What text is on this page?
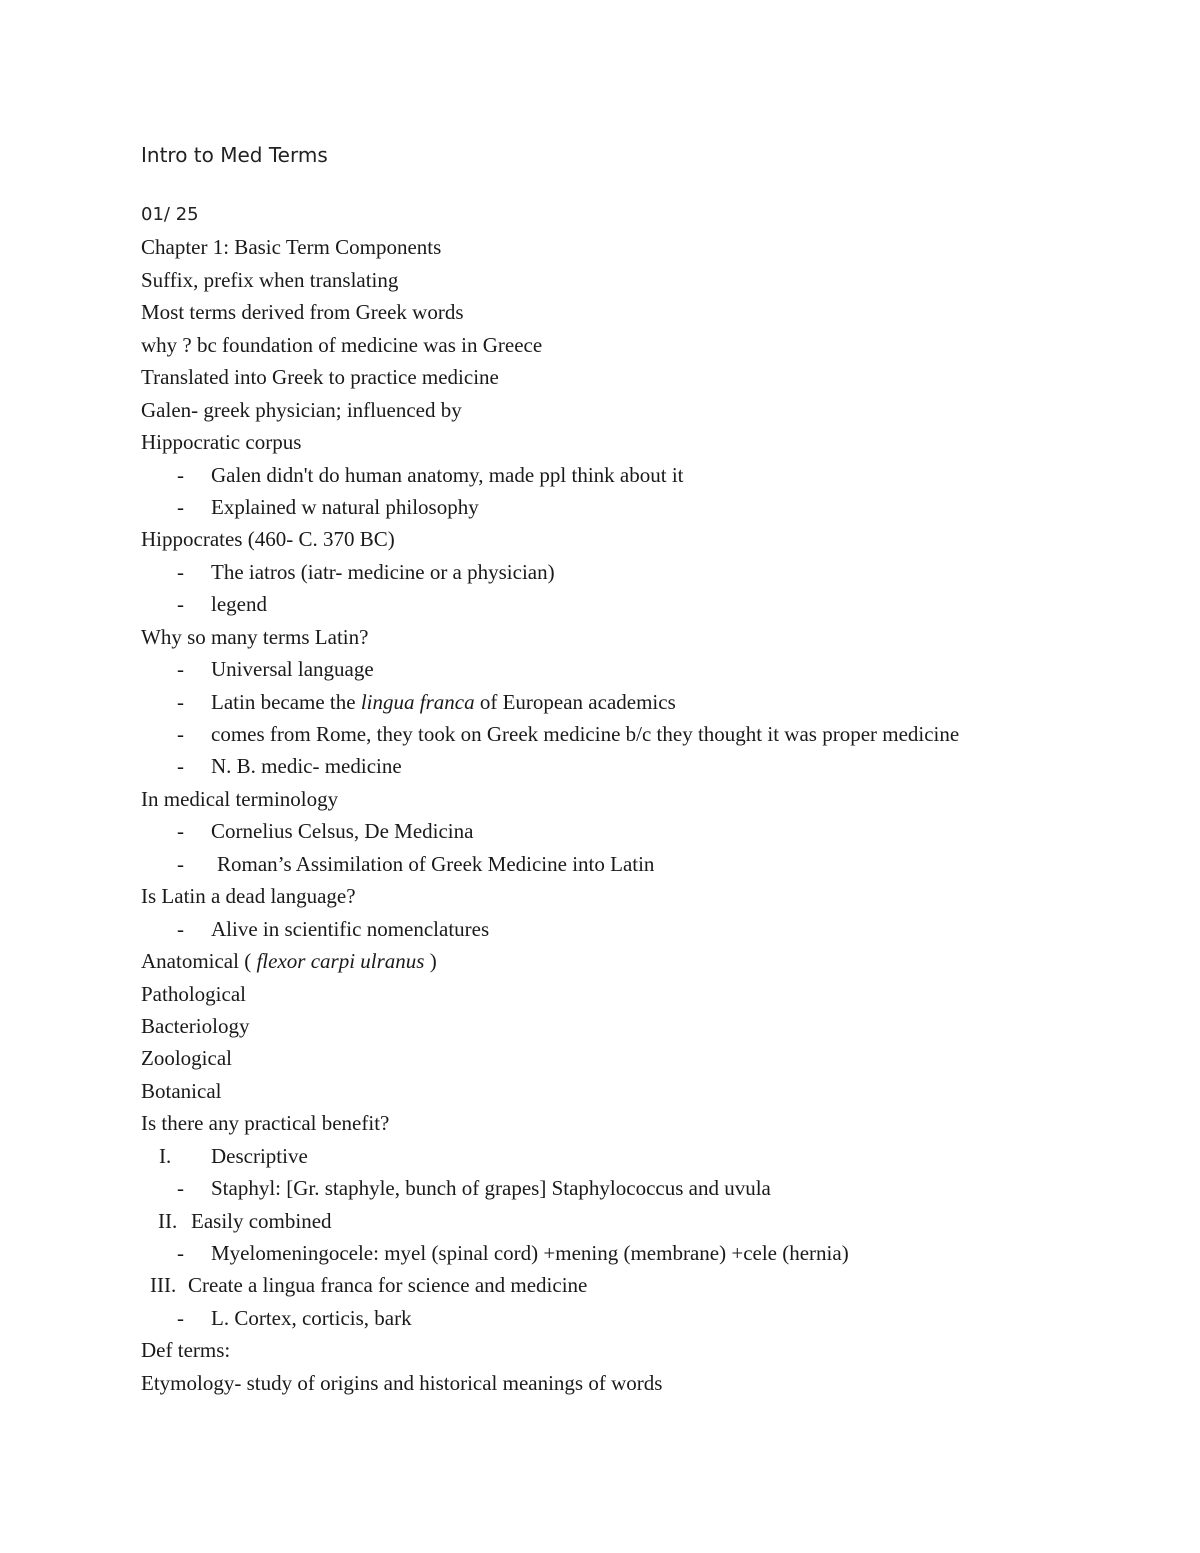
Intro to Med Terms
01/ 25
Chapter 1: Basic Term Components
Suffix, prefix when translating
Most terms derived from Greek words
why ? bc foundation of medicine was in Greece
Translated into Greek to practice medicine
Galen- greek physician; influenced by
Hippocratic corpus
- Galen didn't do human anatomy, made ppl think about it
- Explained w natural philosophy
Hippocrates (460- C. 370 BC)
- The iatros (iatr- medicine or a physician)
- legend
Why so many terms Latin?
- Universal language
- Latin became the lingua franca of European academics
- comes from Rome, they took on Greek medicine b/c they thought it was proper medicine
- N. B. medic- medicine
In medical terminology
- Cornelius Celsus, De Medicina
- Roman’s Assimilation of Greek Medicine into Latin
Is Latin a dead language?
- Alive in scientific nomenclatures
Anatomical ( flexor carpi ulranus )
Pathological
Bacteriology
Zoological
Botanical
Is there any practical benefit?
I. Descriptive
- Staphyl: [Gr. staphyle, bunch of grapes] Staphylococcus and uvula
II. Easily combined
- Myelomeningocele: myel (spinal cord) +mening (membrane) +cele (hernia)
III. Create a lingua franca for science and medicine
- L. Cortex, corticis, bark
Def terms:
Etymology- study of origins and historical meanings of words
